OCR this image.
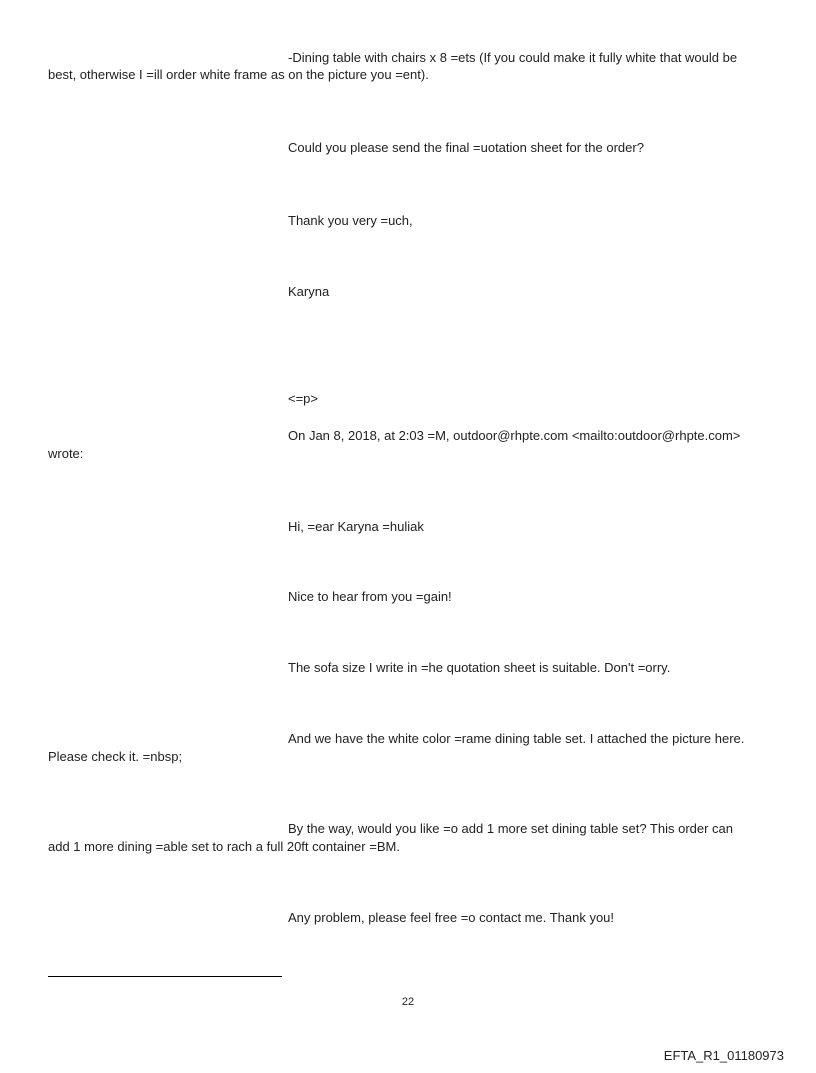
-Dining table with chairs x 8 =ets (If you could make it fully white that would be

best, otherwise I =ill order white frame as on the picture you =ent).

Could you please send the final =uotation sheet for the order?

Thank you very =uch,

Karyna

<=p>

On Jan 8, 2018, at 2:03 =M, outdoor@rhpte.com <mailto:outdoor@rhpte.com>

wrote:

Hi, =ear Karyna =huliak

Nice to hear from you =gain!

The sofa size I write in =he quotation sheet is suitable. Don't =orry.

And we have the white color =rame dining table set. I attached the picture here.

Please check it. =nbsp;

By the way, would you like =o add 1 more set dining table set? This order can

add 1 more dining =able set to rach a full 20ft container =BM.

Any problem, please feel free =o contact me. Thank you!

22
EFTA_R1_01180973
